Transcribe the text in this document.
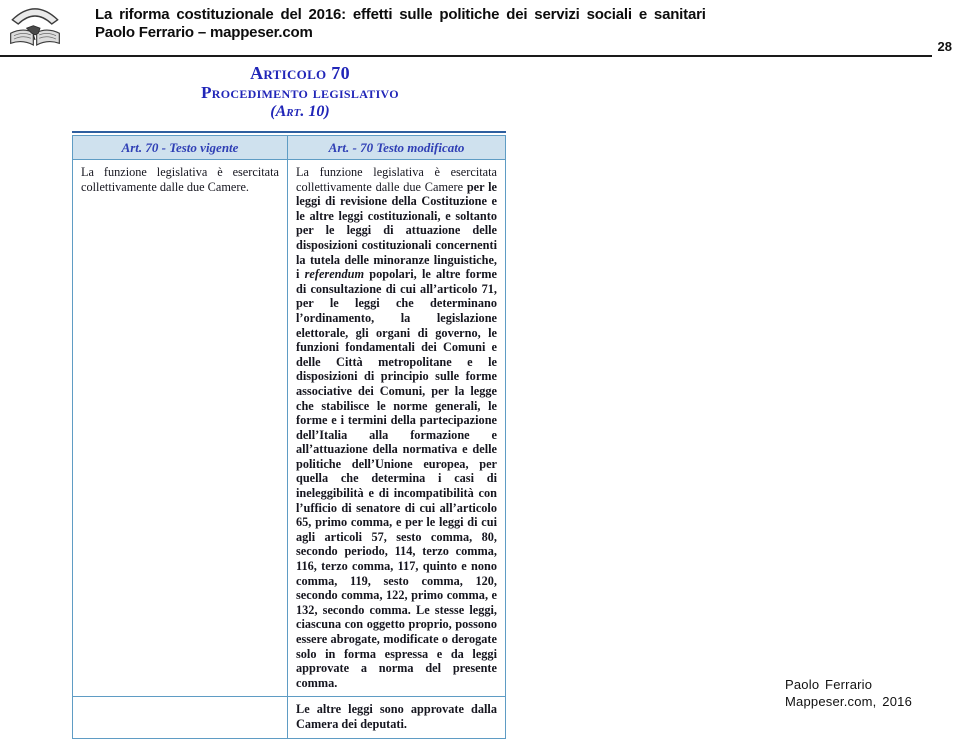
La riforma costituzionale del 2016: effetti sulle politiche dei servizi sociali e sanitari
Paolo Ferrario – mappeser.com
28
Articolo 70
Procedimento legislativo
(Art. 10)
Art. 70 - Testo vigente	Art. - 70 Testo modificato
La funzione legislativa è esercitata collettivamente dalle due Camere.
La funzione legislativa è esercitata collettivamente dalle due Camere per le leggi di revisione della Costituzione e le altre leggi costituzionali, e soltanto per le leggi di attuazione delle disposizioni costituzionali concernenti la tutela delle minoranze linguistiche, i referendum popolari, le altre forme di consultazione di cui all’articolo 71, per le leggi che determinano l’ordinamento, la legislazione elettorale, gli organi di governo, le funzioni fondamentali dei Comuni e delle Città metropolitane e le disposizioni di principio sulle forme associative dei Comuni, per la legge che stabilisce le norme generali, le forme e i termini della partecipazione dell’Italia alla formazione e all’attuazione della normativa e delle politiche dell’Unione europea, per quella che determina i casi di ineleggibilità e di incompatibilità con l’ufficio di senatore di cui all’articolo 65, primo comma, e per le leggi di cui agli articoli 57, sesto comma, 80, secondo periodo, 114, terzo comma, 116, terzo comma, 117, quinto e nono comma, 119, sesto comma, 120, secondo comma, 122, primo comma, e 132, secondo comma. Le stesse leggi, ciascuna con oggetto proprio, possono essere abrogate, modificate o derogate solo in forma espressa e da leggi approvate a norma del presente comma.
Le altre leggi sono approvate dalla Camera dei deputati.
Paolo Ferrario
Mappeser.com, 2016
